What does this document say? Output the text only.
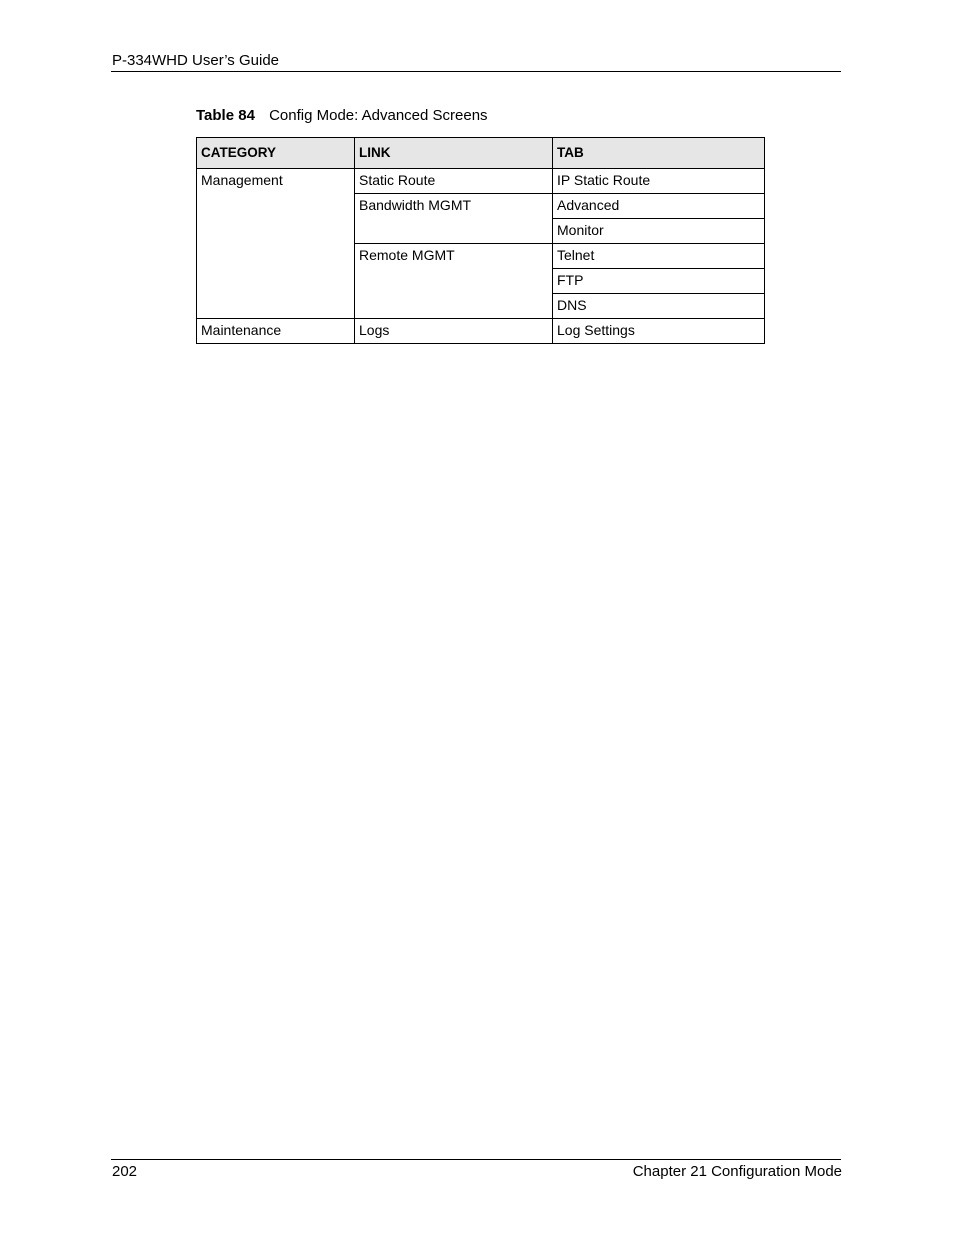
P-334WHD User’s Guide
Table 84 Config Mode: Advanced Screens
CATEGORY	LINK	TAB
Management	Static Route	IP Static Route
	Bandwidth MGMT	Advanced
		Monitor
	Remote MGMT	Telnet
		FTP
		DNS
Maintenance	Logs	Log Settings
202	Chapter 21 Configuration Mode
